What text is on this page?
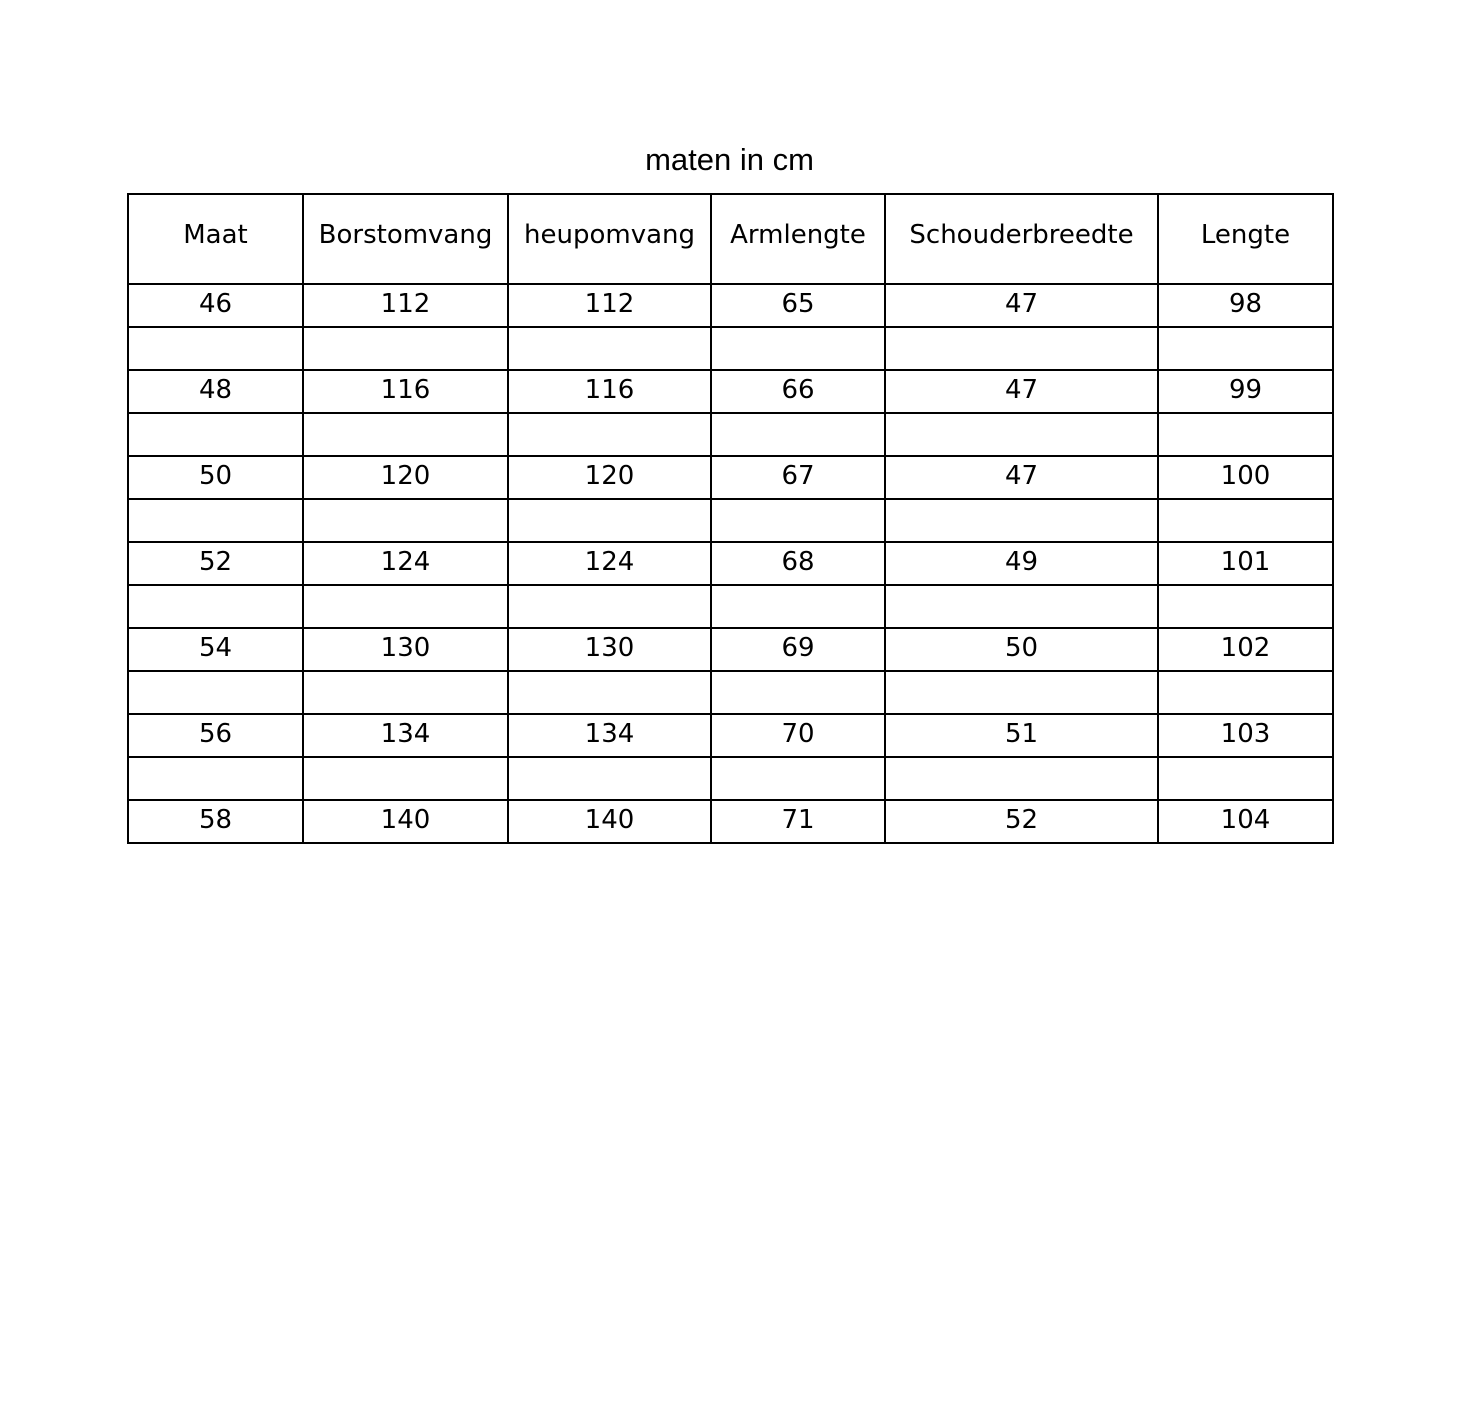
maten in cm
Maat	Borstomvang	heupomvang	Armlengte	Schouderbreedte	Lengte
46	112	112	65	47	98

48	116	116	66	47	99

50	120	120	67	47	100

52	124	124	68	49	101

54	130	130	69	50	102

56	134	134	70	51	103

58	140	140	71	52	104
